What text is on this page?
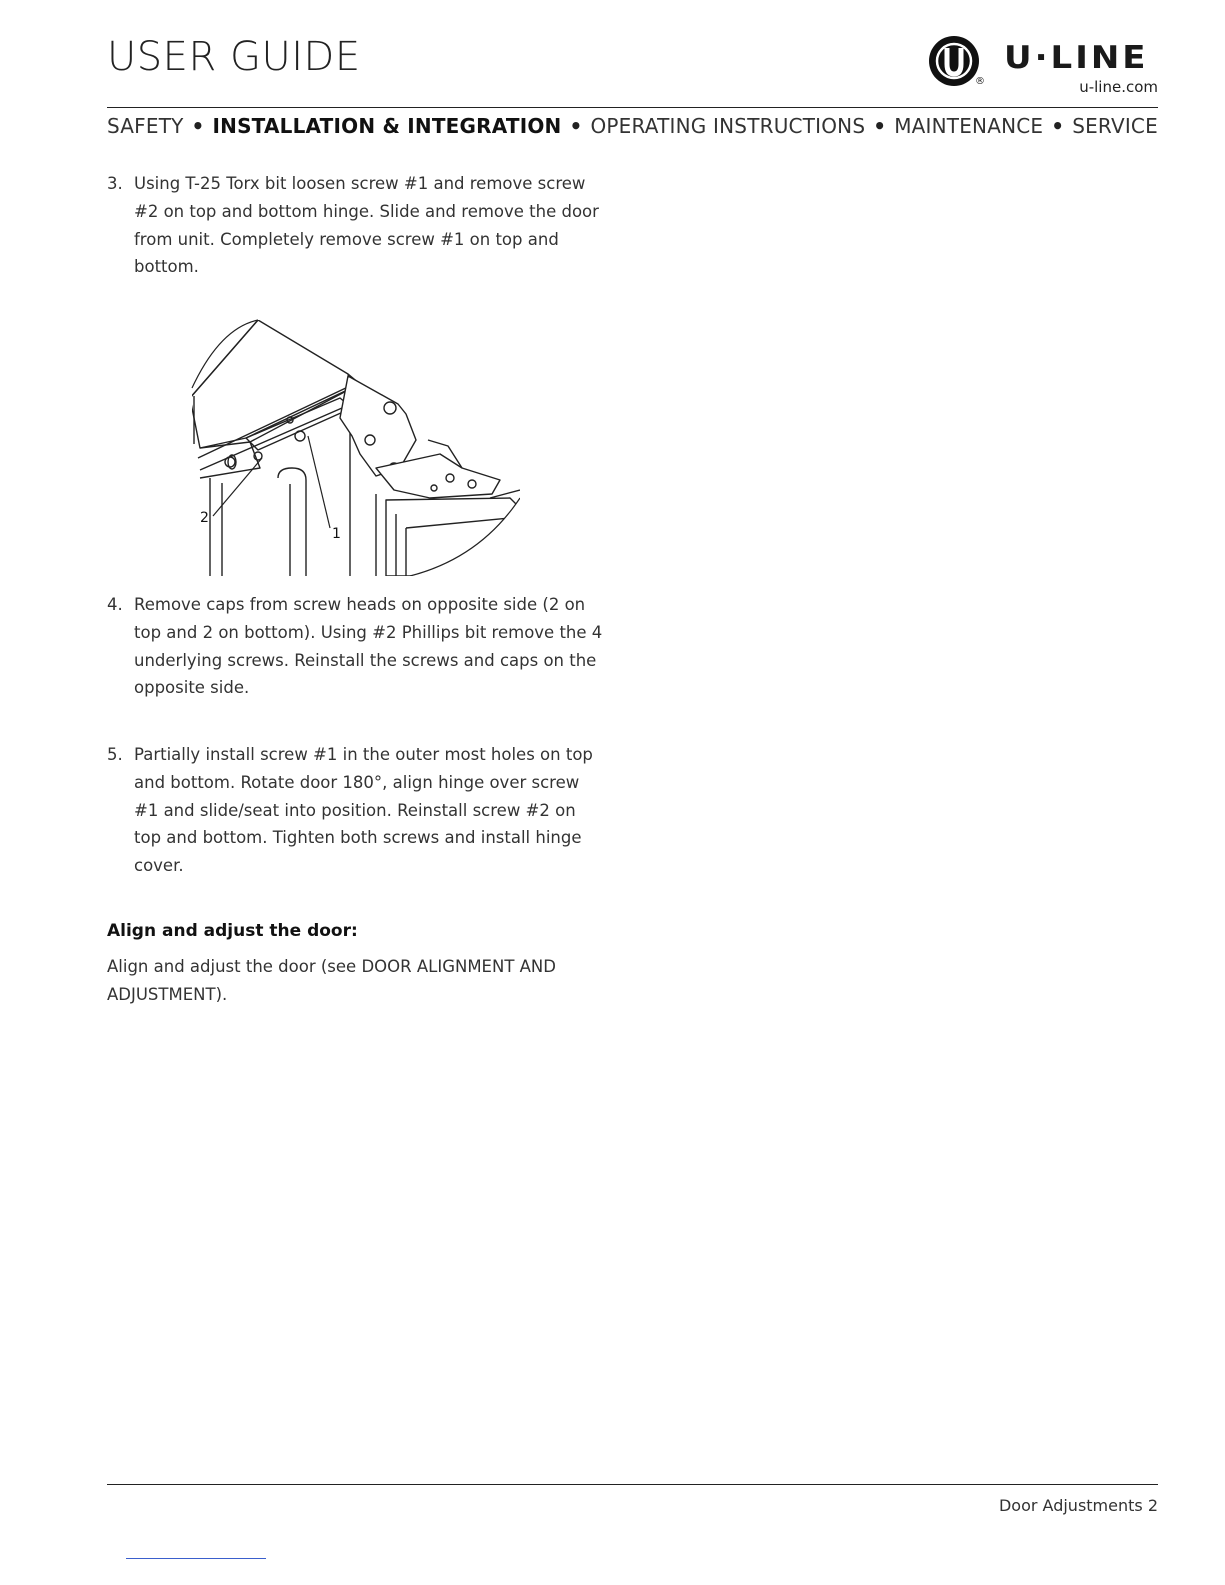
USER GUIDE
®
U·LINE
u-line.com
SAFETY • INSTALLATION & INTEGRATION • OPERATING INSTRUCTIONS • MAINTENANCE • SERVICE
3. Using T-25 Torx bit loosen screw #1 and remove screw #2 on top and bottom hinge. Slide and remove the door from unit. Completely remove screw #1 on top and bottom.
2
1
4. Remove caps from screw heads on opposite side (2 on top and 2 on bottom). Using #2 Phillips bit remove the 4 underlying screws. Reinstall the screws and caps on the opposite side.
5. Partially install screw #1 in the outer most holes on top and bottom. Rotate door 180°, align hinge over screw #1 and slide/seat into position. Reinstall screw #2 on top and bottom. Tighten both screws and install hinge cover.
Align and adjust the door:
Align and adjust the door (see DOOR ALIGNMENT AND ADJUSTMENT).
Door Adjustments 2
